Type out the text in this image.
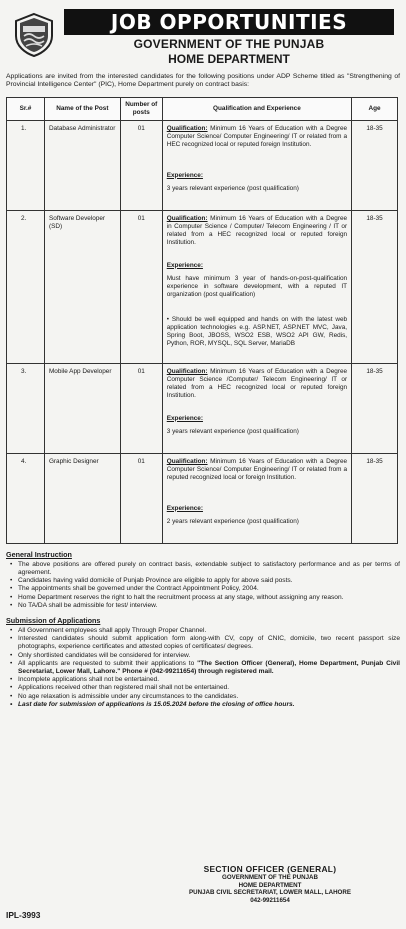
JOB OPPORTUNITIES
GOVERNMENT OF THE PUNJAB
HOME DEPARTMENT

Applications are invited from the interested candidates for the following positions under ADP Scheme titled as "Strengthening of Provincial Intelligence Center" (PIC), Home Department purely on contract basis:

Sr.#	Name of the Post	Number of posts	Qualification and Experience	Age
1.	Database Administrator	01	Qualification: Minimum 16 Years of Education with a Degree Computer Science/ Computer Engineering/ IT or related from a HEC recognized local or reputed foreign Institution.
Experience:
3 years relevant experience (post qualification)	18-35
2.	Software Developer (SD)	01	Qualification: Minimum 16 Years of Education with a Degree in Computer Science / Computer/ Telecom Engineering / IT or related from a HEC recognized local or reputed foreign Institution.
Experience:
Must have minimum 3 year of hands-on-post-qualification experience in software development, with a reputed IT organization (post qualification)
• Should be well equipped and hands on with the latest web application technologies e.g. ASP.NET, ASP.NET MVC, Java, Spring Boot, JBOSS, WSO2 ESB, WSO2 API GW, Redis, Python, ROR, MYSQL, SQL Server, MariaDB	18-35
3.	Mobile App Developer	01	Qualification: Minimum 16 Years of Education with a Degree Computer Science /Computer/ Telecom Engineering/ IT or related from a HEC recognized local or reputed foreign Institution.
Experience:
3 years relevant experience (post qualification)	18-35
4.	Graphic Designer	01	Qualification: Minimum 16 Years of Education with a Degree Computer Science/ Computer Engineering/ IT or related from a reputed recognized local or foreign Institution.
Experience:
2 years relevant experience (post qualification)	18-35
General Instruction
• The above positions are offered purely on contract basis, extendable subject to satisfactory performance and as per terms of agreement.
• Candidates having valid domicile of Punjab Province are eligible to apply for above said posts.
• The appointments shall be governed under the Contract Appointment Policy, 2004.
• Home Department reserves the right to halt the recruitment process at any stage, without assigning any reason.
• No TA/DA shall be admissible for test/ interview.
Submission of Applications
• All Government employees shall apply Through Proper Channel.
• Interested candidates should submit application form along-with CV, copy of CNIC, domicile, two recent passport size photographs, experience certificates and attested copies of certificates/ degrees.
• Only shortlisted candidates will be considered for interview.
• All applicants are requested to submit their applications to "The Section Officer (General), Home Department, Punjab Civil Secretariat, Lower Mall, Lahore." Phone # (042-99211654) through registered mail.
• Incomplete applications shall not be entertained.
• Applications received other than registered mail shall not be entertained.
• No age relaxation is admissible under any circumstances to the candidates.
• Last date for submission of applications is 15.05.2024 before the closing of office hours.
SECTION OFFICER (GENERAL)
GOVERNMENT OF THE PUNJAB
HOME DEPARTMENT
PUNJAB CIVIL SECRETARIAT, LOWER MALL, LAHORE
042-99211654
IPL-3993
